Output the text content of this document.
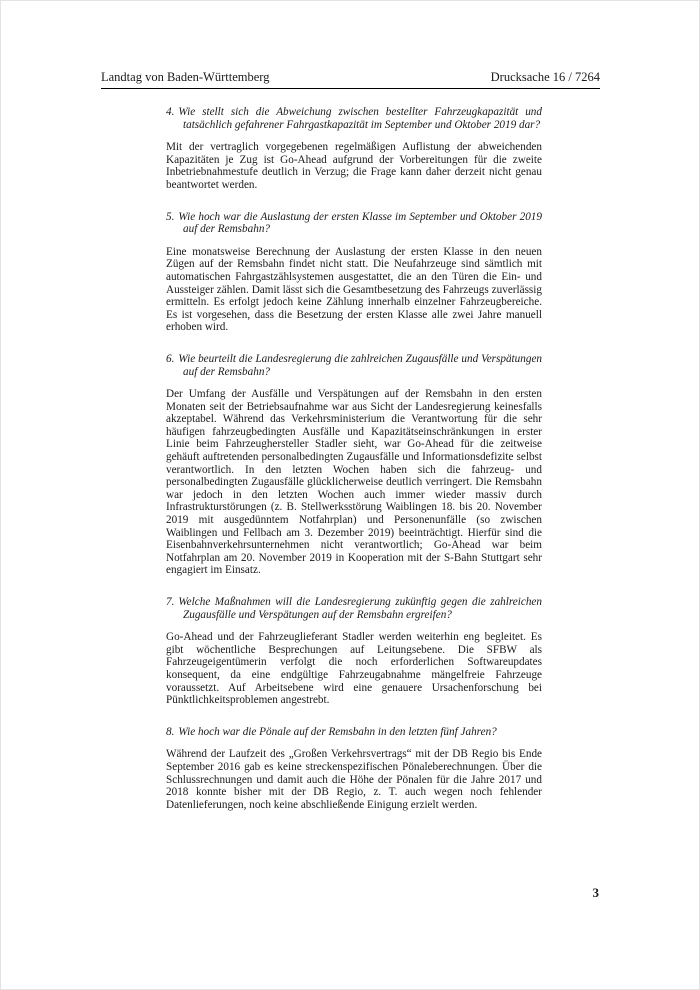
Landtag von Baden-Württemberg	Drucksache 16 / 7264
4. Wie stellt sich die Abweichung zwischen bestellter Fahrzeugkapazität und tatsächlich gefahrener Fahrgastkapazität im September und Oktober 2019 dar?

Mit der vertraglich vorgegebenen regelmäßigen Auflistung der abweichenden Kapazitäten je Zug ist Go-Ahead aufgrund der Vorbereitungen für die zweite Inbetriebnahmestufe deutlich in Verzug; die Frage kann daher derzeit nicht genau beantwortet werden.

5. Wie hoch war die Auslastung der ersten Klasse im September und Oktober 2019 auf der Remsbahn?

Eine monatsweise Berechnung der Auslastung der ersten Klasse in den neuen Zügen auf der Remsbahn findet nicht statt. Die Neufahrzeuge sind sämtlich mit automatischen Fahrgastzählsystemen ausgestattet, die an den Türen die Ein- und Aussteiger zählen. Damit lässt sich die Gesamtbesetzung des Fahrzeugs zuverlässig ermitteln. Es erfolgt jedoch keine Zählung innerhalb einzelner Fahrzeugbereiche. Es ist vorgesehen, dass die Besetzung der ersten Klasse alle zwei Jahre manuell erhoben wird.

6. Wie beurteilt die Landesregierung die zahlreichen Zugausfälle und Verspätungen auf der Remsbahn?

Der Umfang der Ausfälle und Verspätungen auf der Remsbahn in den ersten Monaten seit der Betriebsaufnahme war aus Sicht der Landesregierung keinesfalls akzeptabel. Während das Verkehrsministerium die Verantwortung für die sehr häufigen fahrzeugbedingten Ausfälle und Kapazitätseinschränkungen in erster Linie beim Fahrzeughersteller Stadler sieht, war Go-Ahead für die zeitweise gehäuft auftretenden personalbedingten Zugausfälle und Informationsdefizite selbst verantwortlich. In den letzten Wochen haben sich die fahrzeug- und personalbedingten Zugausfälle glücklicherweise deutlich verringert. Die Remsbahn war jedoch in den letzten Wochen auch immer wieder massiv durch Infrastrukturstörungen (z. B. Stellwerksstörung Waiblingen 18. bis 20. November 2019 mit ausgedünntem Notfahrplan) und Personenunfälle (so zwischen Waiblingen und Fellbach am 3. Dezember 2019) beeinträchtigt. Hierfür sind die Eisenbahnverkehrsunternehmen nicht verantwortlich; Go-Ahead war beim Notfahrplan am 20. November 2019 in Kooperation mit der S-Bahn Stuttgart sehr engagiert im Einsatz.

7. Welche Maßnahmen will die Landesregierung zukünftig gegen die zahlreichen Zugausfälle und Verspätungen auf der Remsbahn ergreifen?

Go-Ahead und der Fahrzeuglieferant Stadler werden weiterhin eng begleitet. Es gibt wöchentliche Besprechungen auf Leitungsebene. Die SFBW als Fahrzeugeigentümerin verfolgt die noch erforderlichen Softwareupdates konsequent, da eine endgültige Fahrzeugabnahme mängelfreie Fahrzeuge voraussetzt. Auf Arbeitsebene wird eine genauere Ursachenforschung bei Pünktlichkeitsproblemen angestrebt.

8. Wie hoch war die Pönale auf der Remsbahn in den letzten fünf Jahren?

Während der Laufzeit des „Großen Verkehrsvertrags“ mit der DB Regio bis Ende September 2016 gab es keine streckenspezifischen Pönaleberechnungen. Über die Schlussrechnungen und damit auch die Höhe der Pönalen für die Jahre 2017 und 2018 konnte bisher mit der DB Regio, z. T. auch wegen noch fehlender Datenlieferungen, noch keine abschließende Einigung erzielt werden.

3
